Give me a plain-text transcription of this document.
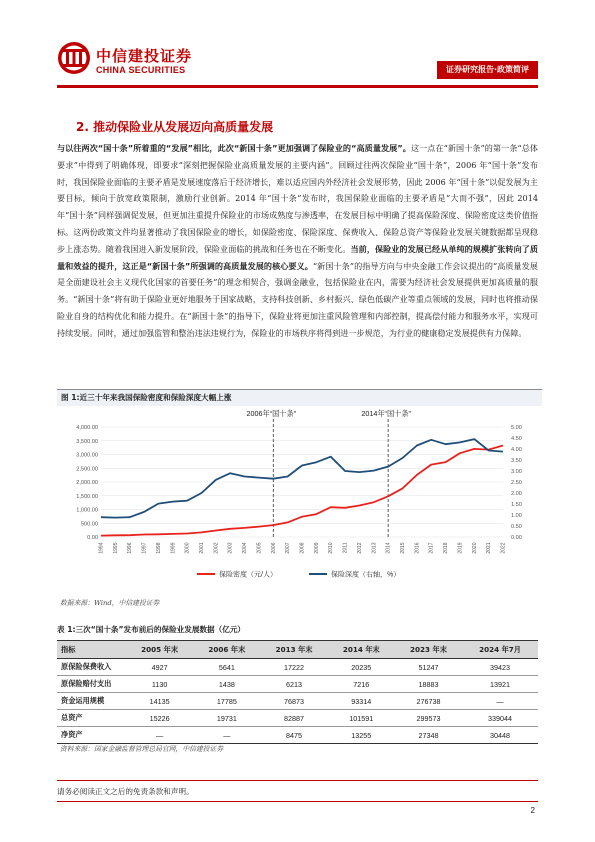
中信建投证券
CHINA SECURITIES	证券研究报告·政策简评
2. 推动保险业从发展迈向高质量发展
与以往两次“国十条”所着重的“发展”相比，此次“新国十条”更加强调了保险业的“高质量发展”。这一点在“新国十条”的第一条“总体要求”中得到了明确体现，即要求“深刻把握保险业高质量发展的主要内涵”。回顾过往两次保险业“国十条”，2006 年“国十条”发布时，我国保险业面临的主要矛盾是发展速度落后于经济增长，难以适应国内外经济社会发展形势，因此 2006 年“国十条”以促发展为主要目标，倾向于放宽政策限制，激励行业创新。2014 年“国十条”发布时，我国保险业面临的主要矛盾是“大而不强”，因此 2014 年“国十条”同样强调促发展，但更加注重提升保险业的市场成熟度与渗透率，在发展目标中明确了提高保险深度、保险密度这类价值指标。这两份政策文件均显著推动了我国保险业的增长，如保险密度、保险深度、保费收入、保险总资产等保险业发展关键数据都呈现稳步上涨态势。随着我国进入新发展阶段，保险业面临的挑战和任务也在不断变化。当前，保险业的发展已经从单纯的规模扩张转向了质量和效益的提升，这正是“新国十条”所强调的高质量发展的核心要义。“新国十条”的指导方向与中央金融工作会议提出的“高质量发展是全面建设社会主义现代化国家的首要任务”的理念相契合，强调金融业，包括保险业在内，需要为经济社会发展提供更加高质量的服务。“新国十条”将有助于保险业更好地服务于国家战略，支持科技创新、乡村振兴、绿色低碳产业等重点领域的发展，同时也将推动保险业自身的结构优化和能力提升。在“新国十条”的指导下，保险业将更加注重风险管理和内部控制，提高偿付能力和服务水平，实现可持续发展。同时，通过加强监管和整治违法违规行为，保险业的市场秩序将得到进一步规范，为行业的健康稳定发展提供有力保障。
图 1:近三十年来我国保险密度和保险深度大幅上涨
0.00
500.00
1,000.00
1,500.00
2,000.00
2,500.00
3,000.00
3,500.00
4,000.00
0.00
0.50
1.00
1.50
2.00
2.50
3.00
3.50
4.00
4.50
5.00
1994 1995 1996 1997 1998 1999 2000 2001 2002 2003 2004 2005 2006 2007 2008 2009 2010 2011 2012 2013 2014 2015 2016 2017 2018 2019 2020 2021 2022
2006年“国十条”	2014年“国十条”
保险密度（元/人）	保险深度（右轴，%）
数据来源：Wind，中信建投证券
表 1:三次“国十条”发布前后的保险业发展数据（亿元）
指标	2005 年末	2006 年末	2013 年末	2014 年末	2023 年末	2024 年7月
原保险保费收入	4927	5641	17222	20235	51247	39423
原保险赔付支出	1130	1438	6213	7216	18883	13921
资金运用规模	14135	17785	76873	93314	276738	—
总资产	15226	19731	82887	101591	299573	339044
净资产	—	—	8475	13255	27348	30448
资料来源：国家金融监督管理总局官网，中信建投证券
请务必阅读正文之后的免责条款和声明。
2
